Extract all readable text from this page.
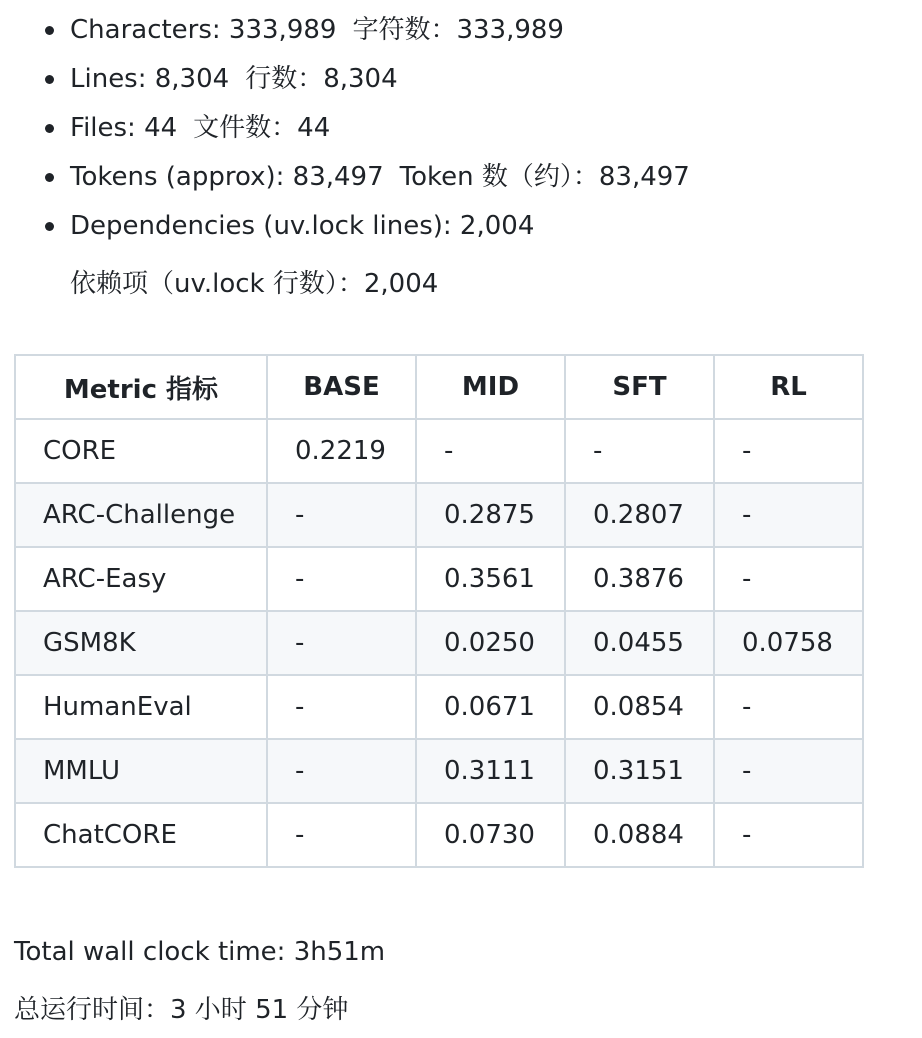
Characters: 333,989 字符数：333,989
Lines: 8,304 行数：8,304
Files: 44 文件数：44
Tokens (approx): 83,497 Token 数（约）：83,497
Dependencies (uv.lock lines): 2,004
依赖项（uv.lock 行数）：2,004
Metric 指标	BASE	MID	SFT	RL
CORE	0.2219	-	-	-
ARC-Challenge	-	0.2875	0.2807	-
ARC-Easy	-	0.3561	0.3876	-
GSM8K	-	0.0250	0.0455	0.0758
HumanEval	-	0.0671	0.0854	-
MMLU	-	0.3111	0.3151	-
ChatCORE	-	0.0730	0.0884	-
Total wall clock time: 3h51m
总运行时间：3 小时 51 分钟
